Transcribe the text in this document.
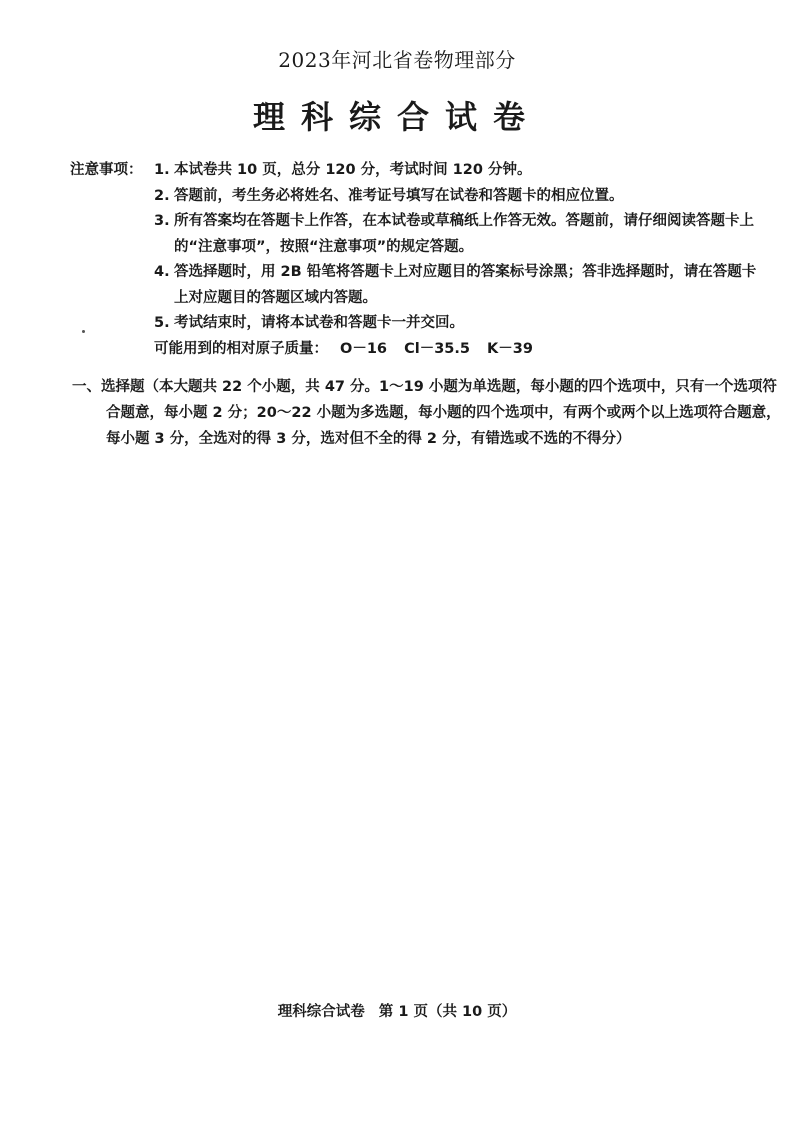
2023年河北省卷物理部分
理科综合试卷
注意事项： 1. 本试卷共 10 页，总分 120 分，考试时间 120 分钟。
2. 答题前，考生务必将姓名、准考证号填写在试卷和答题卡的相应位置。
3. 所有答案均在答题卡上作答，在本试卷或草稿纸上作答无效。答题前，请仔细阅读答题卡上的“注意事项”，按照“注意事项”的规定答题。
4. 答选择题时，用 2B 铅笔将答题卡上对应题目的答案标号涂黑；答非选择题时，请在答题卡上对应题目的答题区域内答题。
5. 考试结束时，请将本试卷和答题卡一并交回。
可能用到的相对原子质量： O－16 Cl－35.5 K－39
一、选择题（本大题共 22 个小题，共 47 分。1～19 小题为单选题，每小题的四个选项中，只有一个选项符合题意，每小题 2 分；20～22 小题为多选题，每小题的四个选项中，有两个或两个以上选项符合题意，每小题 3 分，全选对的得 3 分，选对但不全的得 2 分，有错选或不选的不得分）
理科综合试卷 第 1 页（共 10 页）
